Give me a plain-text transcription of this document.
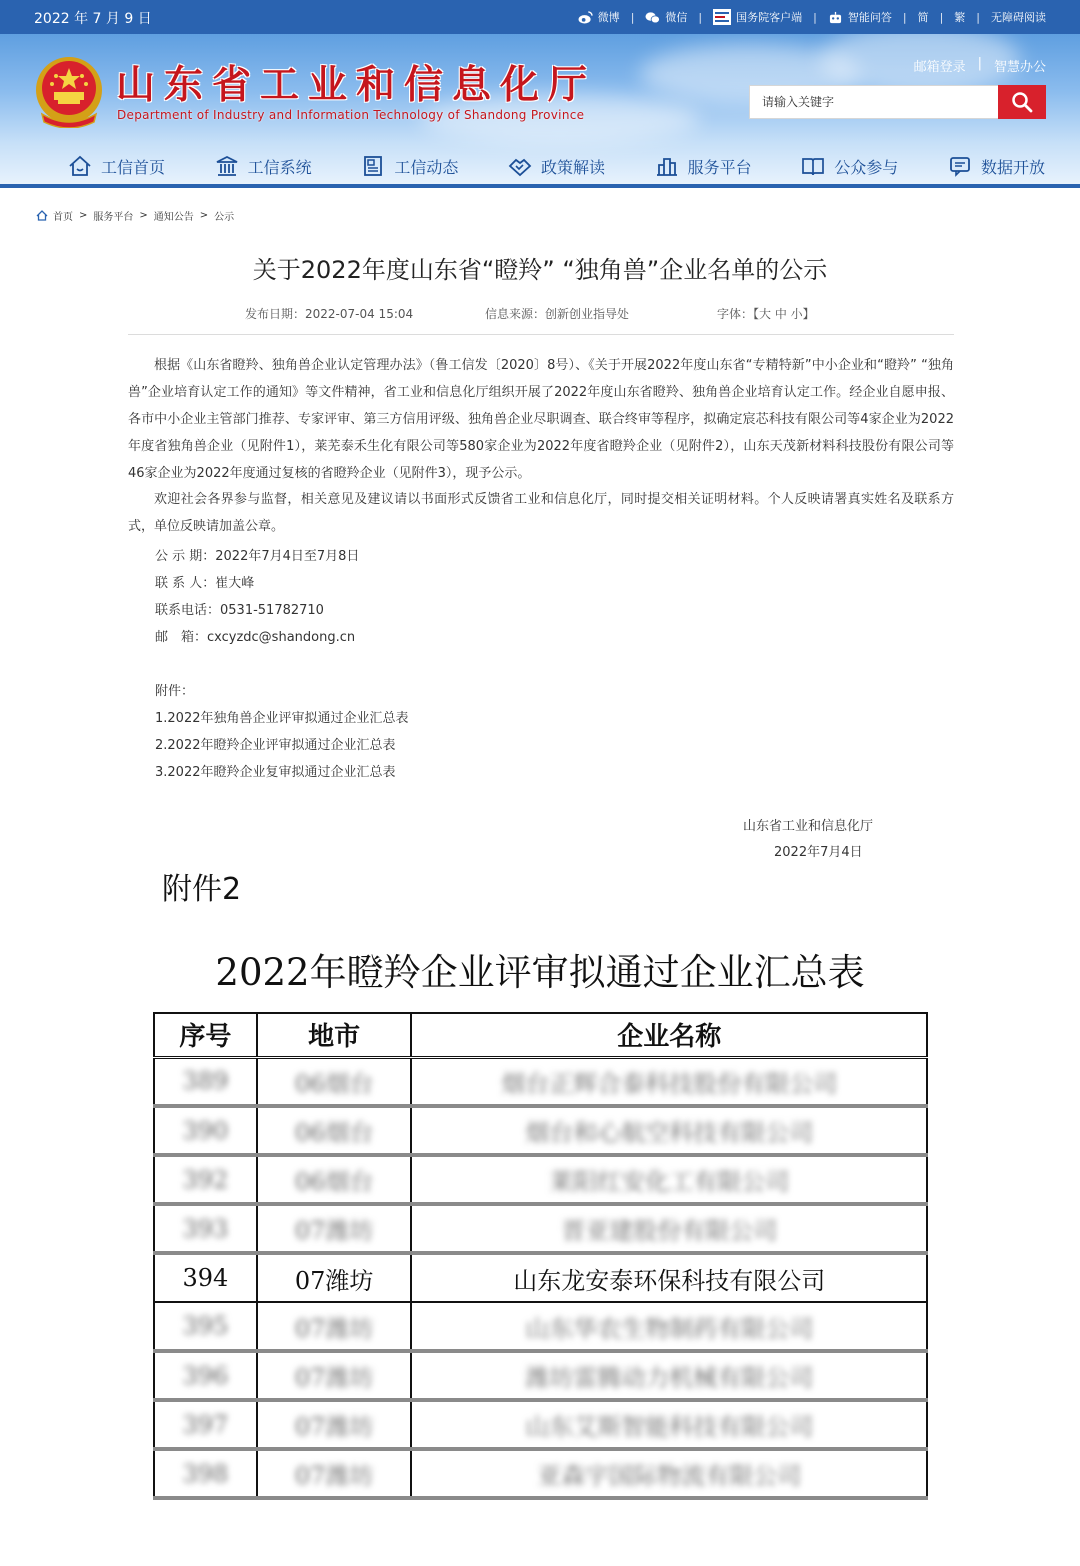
2022 年 7 月 9 日	微博 |	微信 |	国务院客户端 |	智能问答 | 简 | 繁 | 无障碍阅读
山东省工业和信息化厅
Department of Industry and Information Technology of Shandong Province
邮箱登录 | 智慧办公
请输入关键字
工信首页	工信系统	工信动态	政策解读	服务平台	公众参与	数据开放
首页 > 服务平台 > 通知公告 > 公示
关于2022年度山东省“瞪羚” “独角兽”企业名单的公示
发布日期：2022-07-04 15:04	信息来源：创新创业指导处	字体：【大 中 小】
根据《山东省瞪羚、独角兽企业认定管理办法》（鲁工信发〔2020〕8号）、《关于开展2022年度山东省“专精特新”中小企业和“瞪羚” “独角兽”企业培育认定工作的通知》等文件精神，省工业和信息化厅组织开展了2022年度山东省瞪羚、独角兽企业培育认定工作。经企业自愿申报、各市中小企业主管部门推荐、专家评审、第三方信用评级、独角兽企业尽职调查、联合终审等程序，拟确定宸芯科技有限公司等4家企业为2022年度省独角兽企业（见附件1），莱芜泰禾生化有限公司等580家企业为2022年度省瞪羚企业（见附件2），山东天茂新材料科技股份有限公司等46家企业为2022年度通过复核的省瞪羚企业（见附件3），现予公示。
欢迎社会各界参与监督，相关意见及建议请以书面形式反馈省工业和信息化厅，同时提交相关证明材料。个人反映请署真实姓名及联系方式，单位反映请加盖公章。
公 示 期：2022年7月4日至7月8日
联 系 人：崔大峰
联系电话：0531-51782710
邮　箱：cxcyzdc@shandong.cn
附件：
1.2022年独角兽企业评审拟通过企业汇总表
2.2022年瞪羚企业评审拟通过企业汇总表
3.2022年瞪羚企业复审拟通过企业汇总表
山东省工业和信息化厅
2022年7月4日
附件2
2022年瞪羚企业评审拟通过企业汇总表
序号	地市	企业名称
389	06烟台	烟台正辉合泰科技股份有限公司
390	06烟台	烟台和心航空科技有限公司
392	06烟台	莱阳红安化工有限公司
393	07潍坊	晋亚建股份有限公司
394	07潍坊	山东龙安泰环保科技有限公司
395	07潍坊	山东华农生物制药有限公司
396	07潍坊	潍坊雷腾动力机械有限公司
397	07潍坊	山东艾斯智能科技有限公司
398	07潍坊	亚森宇国际物流有限公司
